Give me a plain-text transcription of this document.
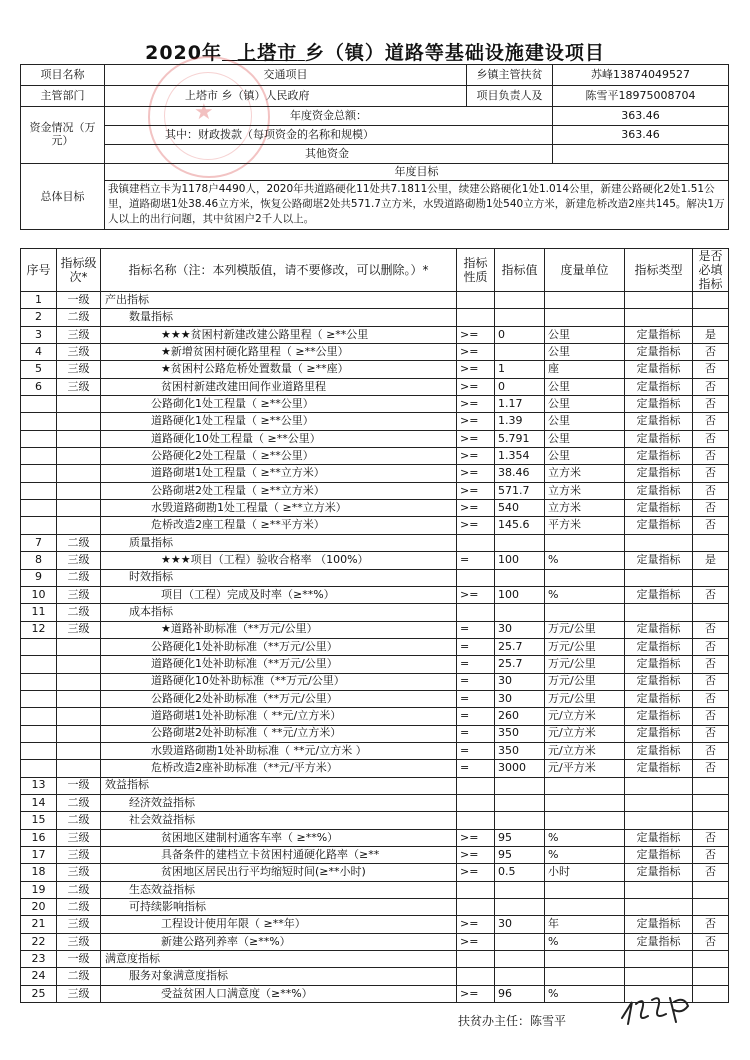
2020年 上塔市 乡（镇）道路等基础设施建设项目
★
项目名称	交通项目	乡镇主管扶贫	苏峰13874049527
主管部门	上塔市 乡（镇）人民政府	项目负责人及	陈雪平18975008704
资金情况（万元）	年度资金总额：		363.46
	其中：财政拨款（每项资金的名称和规模）		363.46
	其他资金		
总体目标	年度目标		
	我镇建档立卡为1178户4490人，2020年共道路硬化11处共7.1811公里，续建公路硬化1处1.014公里，新建公路硬化2处1.51公里，道路砌堪1处38.46立方米，恢复公路砌堪2处共571.7立方米，水毁道路砌勘1处540立方米，新建危桥改造2座共145。解决1万人以上的出行问题，其中贫困户2千人以上。		
序号	指标级次*	指标名称（注：本列模版值，请不要修改，可以删除。）*	指标性质	指标值	度量单位	指标类型	是否必填指标
1	一级	产出指标					
2	二级	数量指标					
3	三级	★★★贫困村新建改建公路里程（ ≥**公里	>=	0	公里	定量指标	是
4	三级	★新增贫困村硬化路里程（ ≥**公里）	>=		公里	定量指标	否
5	三级	★贫困村公路危桥处置数量（ ≥**座）	>=	1	座	定量指标	否
6	三级	贫困村新建改建田间作业道路里程	>=	0	公里	定量指标	否
		公路砌化1处工程量（ ≥**公里）	>=	1.17	公里	定量指标	否
		道路硬化1处工程量（ ≥**公里）	>=	1.39	公里	定量指标	否
		道路硬化10处工程量（ ≥**公里）	>=	5.791	公里	定量指标	否
		公路硬化2处工程量（ ≥**公里）	>=	1.354	公里	定量指标	否
		道路砌堪1处工程量（ ≥**立方米）	>=	38.46	立方米	定量指标	否
		公路砌堪2处工程量（ ≥**立方米）	>=	571.7	立方米	定量指标	否
		水毁道路砌勘1处工程量（ ≥**立方米）	>=	540	立方米	定量指标	否
		危桥改造2座工程量（ ≥**平方米）	>=	145.6	平方米	定量指标	否
7	二级	质量指标					
8	三级	★★★项目（工程）验收合格率 （100%）	=	100	%	定量指标	是
9	二级	时效指标					
10	三级	项目（工程）完成及时率（≥**%）	>=	100	%	定量指标	否
11	二级	成本指标					
12	三级	★道路补助标准（**万元/公里）	=	30	万元/公里	定量指标	否
		公路硬化1处补助标准（**万元/公里）	=	25.7	万元/公里	定量指标	否
		道路硬化1处补助标准（**万元/公里）	=	25.7	万元/公里	定量指标	否
		道路硬化10处补助标准（**万元/公里）	=	30	万元/公里	定量指标	否
		公路硬化2处补助标准（**万元/公里）	=	30	万元/公里	定量指标	否
		道路砌堪1处补助标准（ **元/立方米）	=	260	元/立方米	定量指标	否
		公路砌堪2处补助标准（ **元/立方米）	=	350	元/立方米	定量指标	否
		水毁道路砌勘1处补助标准（ **元/立方米 ）	=	350	元/立方米	定量指标	否
		危桥改造2座补助标准（**元/平方米）	=	3000	元/平方米	定量指标	否
13	一级	效益指标					
14	二级	经济效益指标					
15	二级	社会效益指标					
16	三级	贫困地区建制村通客车率（ ≥**%）	>=	95	%	定量指标	否
17	三级	具备条件的建档立卡贫困村通硬化路率（≥**	>=	95	%	定量指标	否
18	三级	贫困地区居民出行平均缩短时间(≥**小时)	>=	0.5	小时	定量指标	否
19	二级	生态效益指标					
20	二级	可持续影响指标					
21	三级	工程设计使用年限（ ≥**年）	>=	30	年	定量指标	否
22	三级	新建公路列养率（≥**%）	>=		%	定量指标	否
23	一级	满意度指标					
24	二级	服务对象满意度指标					
25	三级	受益贫困人口满意度（≥**%）	>=	96	%		
扶贫办主任：陈雪平
